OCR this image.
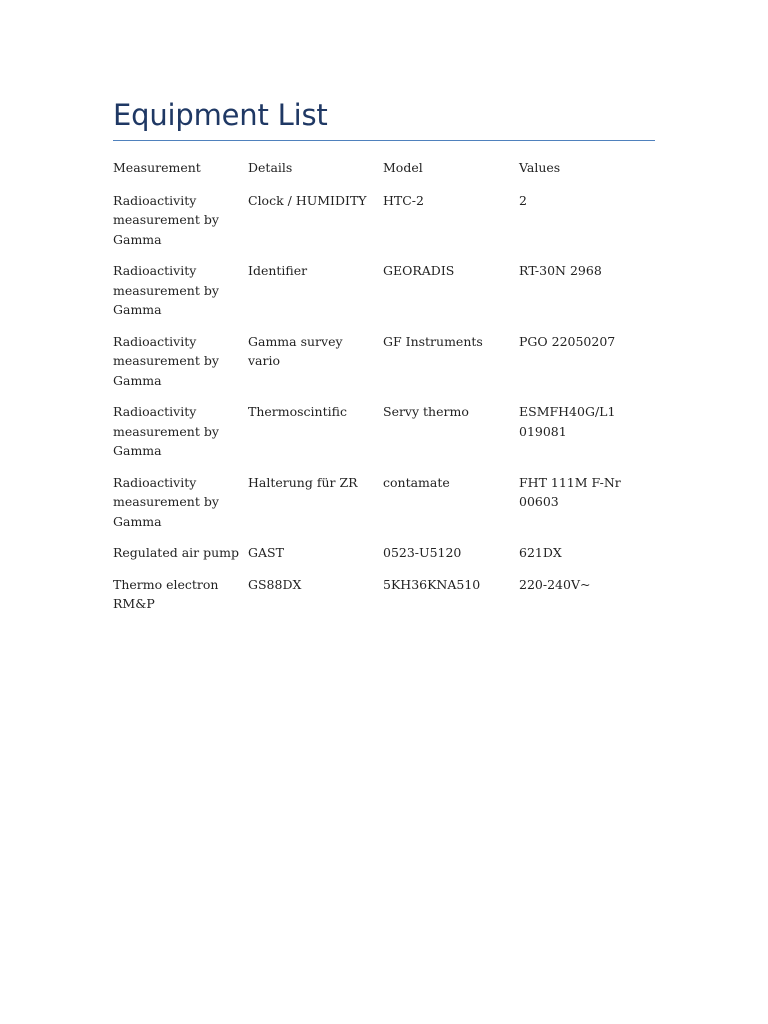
Equipment List
Measurement	Details	Model	Values

Radioactivity measurement by Gamma	Clock / HUMIDITY	HTC-2	2

Radioactivity measurement by Gamma	Identifier	GEORADIS	RT-30N 2968

Radioactivity measurement by Gamma	Gamma survey vario	GF Instruments	PGO 22050207

Radioactivity measurement by Gamma	Thermoscintific	Servy thermo	ESMFH40G/L1 019081

Radioactivity measurement by Gamma	Halterung für ZR	contamate	FHT 111M F-Nr 00603

Regulated air pump	GAST	0523-U5120	621DX

Thermo electron RM&P	GS88DX	5KH36KNA510	220-240V~
